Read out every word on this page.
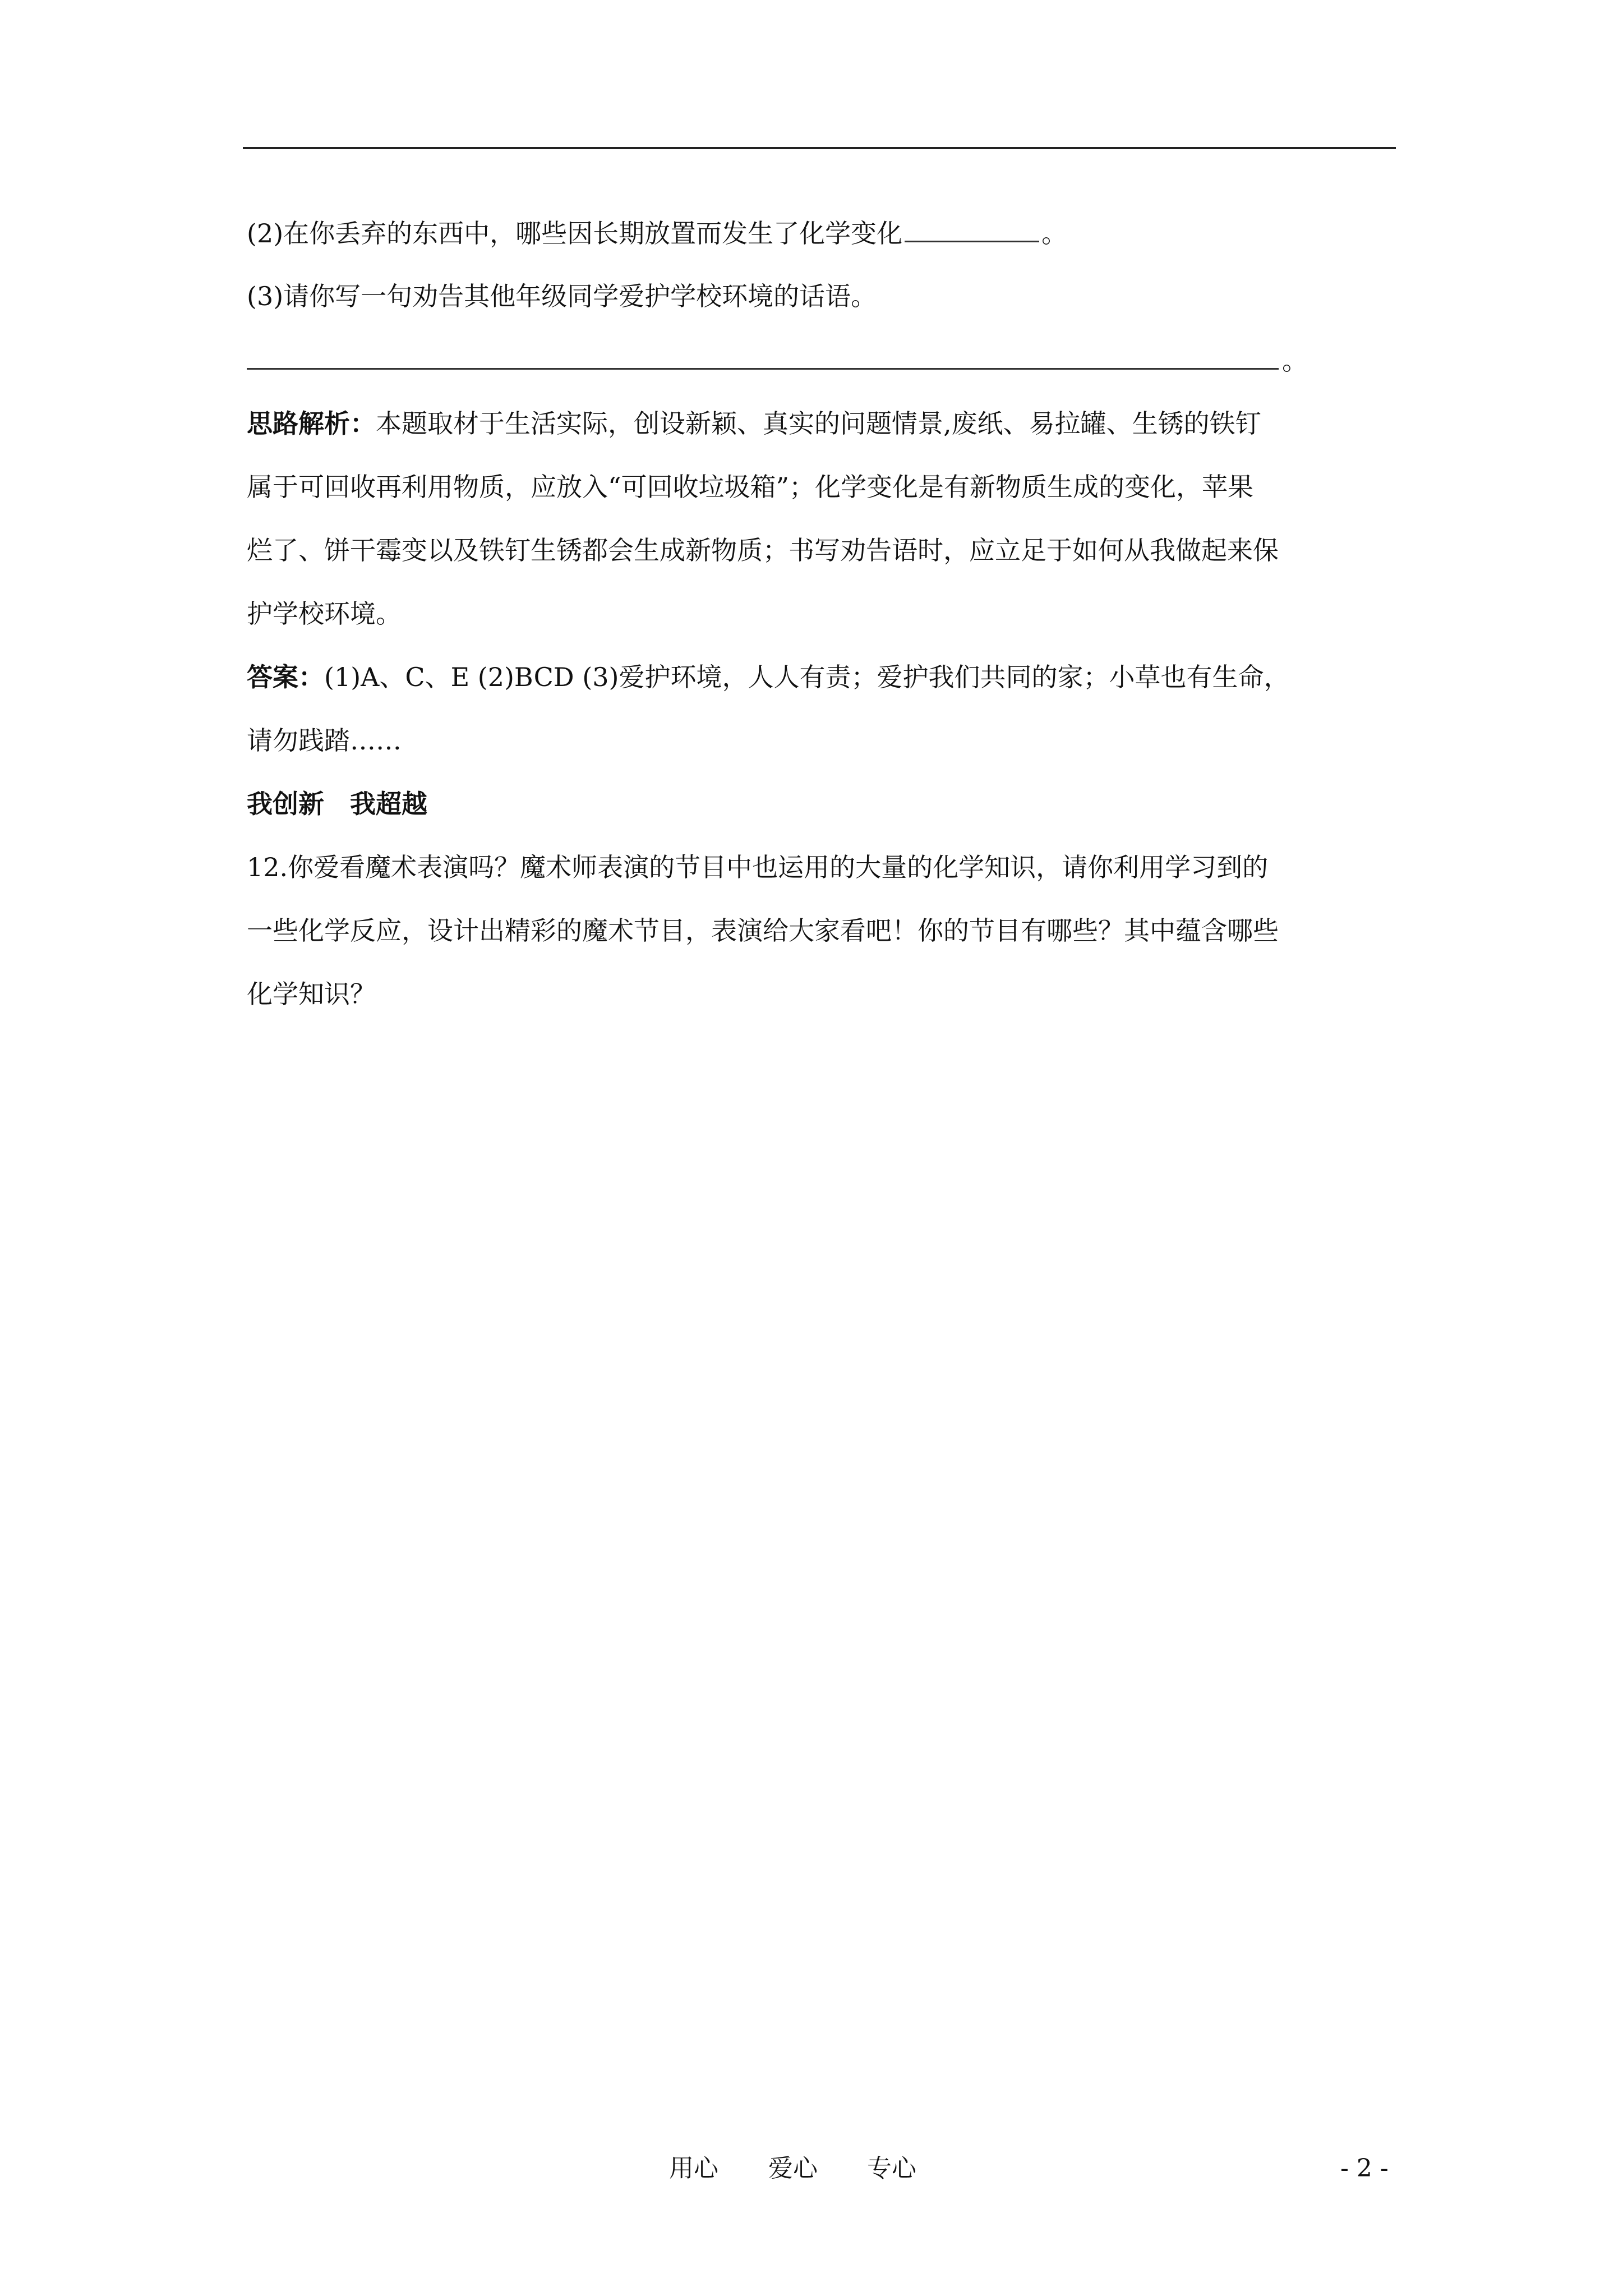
(2)在你丢弃的东西中，哪些因长期放置而发生了化学变化	。
(3)请你写一句劝告其他年级同学爱护学校环境的话语。
。
思路解析：本题取材于生活实际，创设新颖、真实的问题情景,废纸、易拉罐、生锈的铁钉
属于可回收再利用物质，应放入“可回收垃圾箱”；化学变化是有新物质生成的变化，苹果
烂了、饼干霉变以及铁钉生锈都会生成新物质；书写劝告语时，应立足于如何从我做起来保
护学校环境。
答案：(1)A、C、E (2)BCD (3)爱护环境，人人有责；爱护我们共同的家；小草也有生命，
请勿践踏……
我创新　我超越
12.你爱看魔术表演吗？魔术师表演的节目中也运用的大量的化学知识，请你利用学习到的
一些化学反应，设计出精彩的魔术节目，表演给大家看吧！你的节目有哪些？其中蕴含哪些
化学知识？
用心 爱心 专心	- 2 -
